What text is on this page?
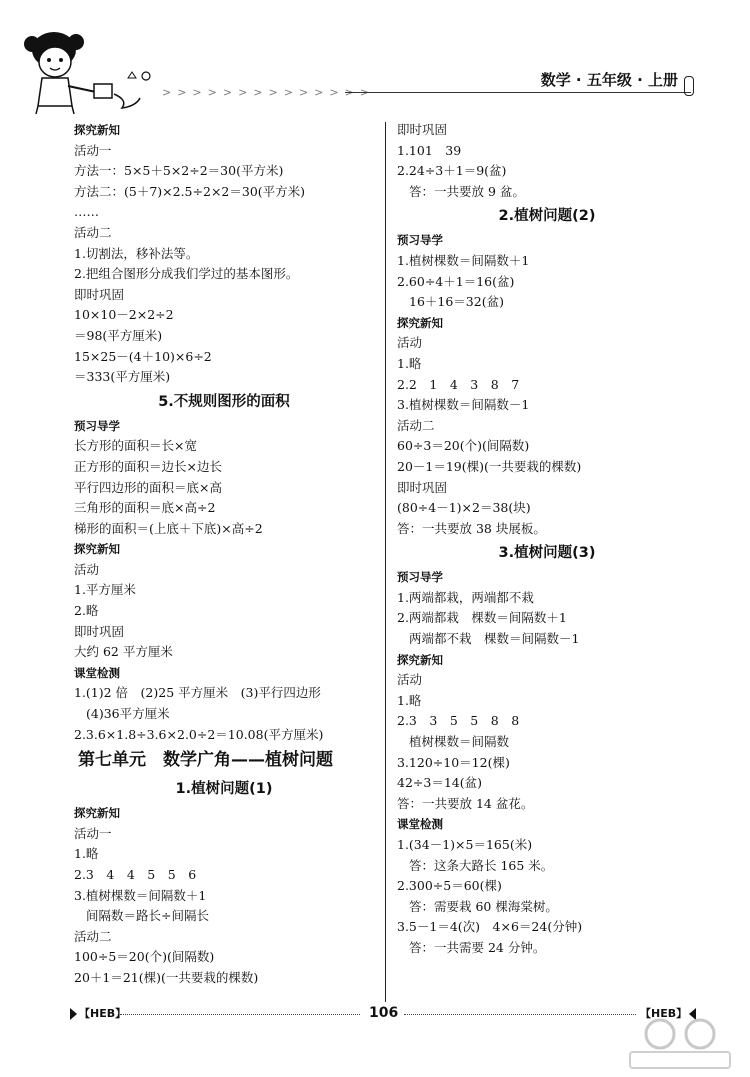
>>>>>>>>>>>>>>
数学 · 五年级 · 上册
探究新知
活动一
方法一：5×5＋5×2÷2＝30(平方米)
方法二：(5＋7)×2.5÷2×2＝30(平方米)
……
活动二
1.切割法，移补法等。
2.把组合图形分成我们学过的基本图形。
即时巩固
10×10－2×2÷2
＝98(平方厘米)
15×25－(4＋10)×6÷2
＝333(平方厘米)
5.不规则图形的面积
预习导学
长方形的面积＝长×宽
正方形的面积＝边长×边长
平行四边形的面积＝底×高
三角形的面积＝底×高÷2
梯形的面积＝(上底＋下底)×高÷2
探究新知
活动
1.平方厘米
2.略
即时巩固
大约 62 平方厘米
课堂检测
1.(1)2 倍　(2)25 平方厘米　(3)平行四边形
(4)36平方厘米
2.3.6×1.8÷3.6×2.0÷2＝10.08(平方厘米)
第七单元　数学广角——植树问题
1.植树问题(1)
探究新知
活动一
1.略
2.3　4　4　5　5　6
3.植树棵数＝间隔数＋1
间隔数＝路长÷间隔长
活动二
100÷5＝20(个)(间隔数)
20＋1＝21(棵)(一共要栽的棵数)
即时巩固
1.101　39
2.24÷3＋1＝9(盆)
答：一共要放 9 盆。
2.植树问题(2)
预习导学
1.植树棵数＝间隔数＋1
2.60÷4＋1＝16(盆)
16＋16＝32(盆)
探究新知
活动
1.略
2.2　1　4　3　8　7
3.植树棵数＝间隔数－1
活动二
60÷3＝20(个)(间隔数)
20－1＝19(棵)(一共要栽的棵数)
即时巩固
(80÷4－1)×2＝38(块)
答：一共要放 38 块展板。
3.植树问题(3)
预习导学
1.两端都栽，两端都不栽
2.两端都栽　棵数＝间隔数＋1
两端都不栽　棵数＝间隔数－1
探究新知
活动
1.略
2.3　3　5　5　8　8
植树棵数＝间隔数
3.120÷10＝12(棵)
42÷3＝14(盆)
答：一共要放 14 盆花。
课堂检测
1.(34－1)×5＝165(米)
答：这条大路长 165 米。
2.300÷5＝60(棵)
答：需要栽 60 棵海棠树。
3.5－1＝4(次)　4×6＝24(分钟)
答：一共需要 24 分钟。
【HEB】	106	【HEB】
